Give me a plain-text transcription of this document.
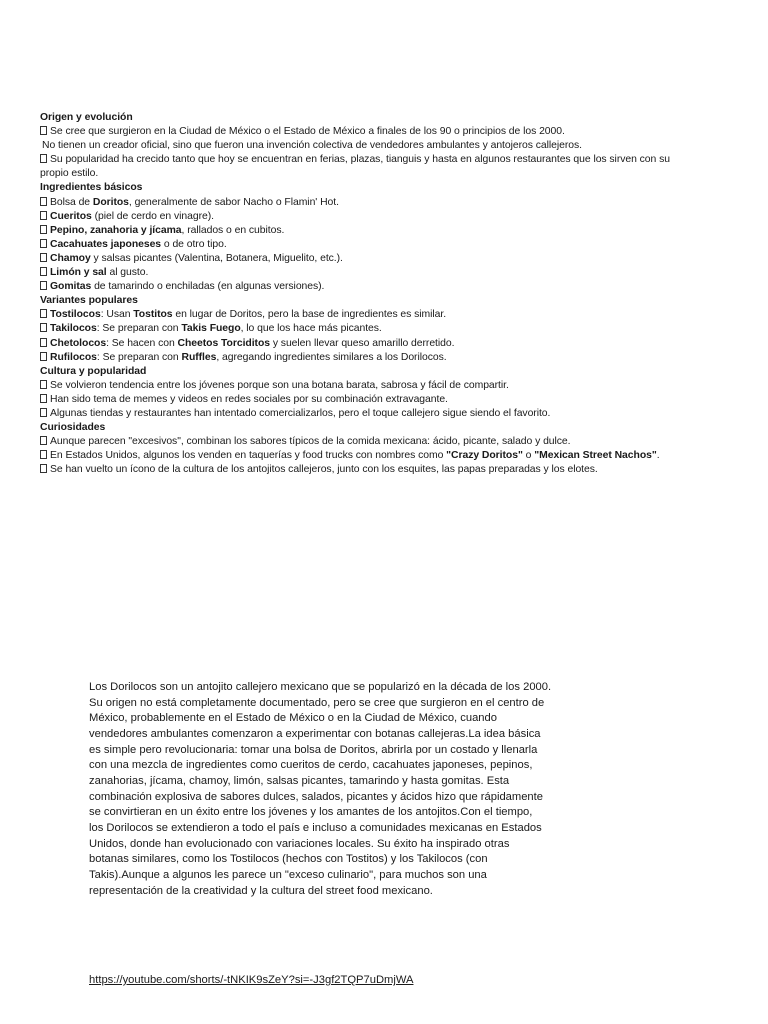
Origen y evolución
Se cree que surgieron en la Ciudad de México o el Estado de México a finales de los 90 o principios de los 2000.
No tienen un creador oficial, sino que fueron una invención colectiva de vendedores ambulantes y antojeros callejeros.
Su popularidad ha crecido tanto que hoy se encuentran en ferias, plazas, tianguis y hasta en algunos restaurantes que los sirven con su
propio estilo.
Ingredientes básicos
Bolsa de Doritos, generalmente de sabor Nacho o Flamin' Hot.
Cueritos (piel de cerdo en vinagre).
Pepino, zanahoria y jícama, rallados o en cubitos.
Cacahuates japoneses o de otro tipo.
Chamoy y salsas picantes (Valentina, Botanera, Miguelito, etc.).
Limón y sal al gusto.
Gomitas de tamarindo o enchiladas (en algunas versiones).
Variantes populares
Tostilocos: Usan Tostitos en lugar de Doritos, pero la base de ingredientes es similar.
Takilocos: Se preparan con Takis Fuego, lo que los hace más picantes.
Chetolocos: Se hacen con Cheetos Torciditos y suelen llevar queso amarillo derretido.
Rufilocos: Se preparan con Ruffles, agregando ingredientes similares a los Dorilocos.
Cultura y popularidad
Se volvieron tendencia entre los jóvenes porque son una botana barata, sabrosa y fácil de compartir.
Han sido tema de memes y videos en redes sociales por su combinación extravagante.
Algunas tiendas y restaurantes han intentado comercializarlos, pero el toque callejero sigue siendo el favorito.
Curiosidades
Aunque parecen "excesivos", combinan los sabores típicos de la comida mexicana: ácido, picante, salado y dulce.
En Estados Unidos, algunos los venden en taquerías y food trucks con nombres como "Crazy Doritos" o "Mexican Street Nachos".
Se han vuelto un ícono de la cultura de los antojitos callejeros, junto con los esquites, las papas preparadas y los elotes.
Los Dorilocos son un antojito callejero mexicano que se popularizó en la década de los 2000.
Su origen no está completamente documentado, pero se cree que surgieron en el centro de
México, probablemente en el Estado de México o en la Ciudad de México, cuando
vendedores ambulantes comenzaron a experimentar con botanas callejeras.La idea básica
es simple pero revolucionaria: tomar una bolsa de Doritos, abrirla por un costado y llenarla
con una mezcla de ingredientes como cueritos de cerdo, cacahuates japoneses, pepinos,
zanahorias, jícama, chamoy, limón, salsas picantes, tamarindo y hasta gomitas. Esta
combinación explosiva de sabores dulces, salados, picantes y ácidos hizo que rápidamente
se convirtieran en un éxito entre los jóvenes y los amantes de los antojitos.Con el tiempo,
los Dorilocos se extendieron a todo el país e incluso a comunidades mexicanas en Estados
Unidos, donde han evolucionado con variaciones locales. Su éxito ha inspirado otras
botanas similares, como los Tostilocos (hechos con Tostitos) y los Takilocos (con
Takis).Aunque a algunos les parece un "exceso culinario", para muchos son una
representación de la creatividad y la cultura del street food mexicano.
https://youtube.com/shorts/-tNKIK9sZeY?si=-J3gf2TQP7uDmjWA
